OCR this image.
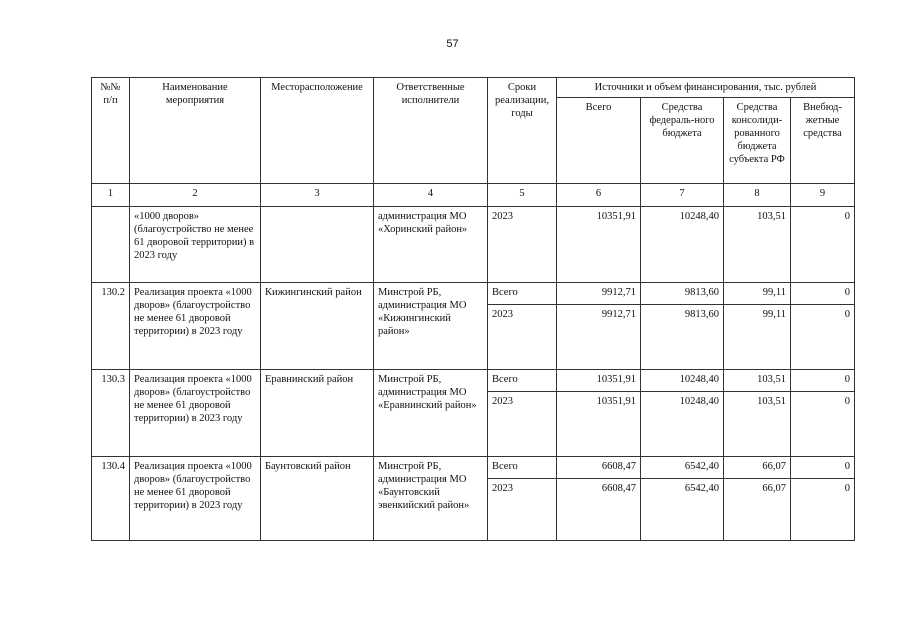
57
№№ п/п	Наименование мероприятия	Месторасположение	Ответственные исполнители	Сроки реализации, годы	Источники и объем финансирования, тыс. рублей			
					Всего	Средства федераль-ного бюджета	Средства консолиди-рованного бюджета субъекта РФ	Внебюд-жетные средства
1	2	3	4	5	6	7	8	9
	«1000 дворов» (благоустройство не менее 61 дворовой территории) в 2023 году		администрация МО «Хоринский район»	2023	10351,91	10248,40	103,51	0
130.2	Реализация проекта «1000 дворов» (благоустройство не менее 61 дворовой территории) в 2023 году	Кижингинский район	Минстрой РБ, администрация МО «Кижингинский район»	Всего	9912,71	9813,60	99,11	0
				2023	9912,71	9813,60	99,11	0
130.3	Реализация проекта «1000 дворов» (благоустройство не менее 61 дворовой территории) в 2023 году	Еравнинский район	Минстрой РБ, администрация МО «Еравнинский район»	Всего	10351,91	10248,40	103,51	0
				2023	10351,91	10248,40	103,51	0
130.4	Реализация проекта «1000 дворов» (благоустройство не менее 61 дворовой территории) в 2023 году	Баунтовский район	Минстрой РБ, администрация МО «Баунтовский эвенкийский район»	Всего	6608,47	6542,40	66,07	0
				2023	6608,47	6542,40	66,07	0
